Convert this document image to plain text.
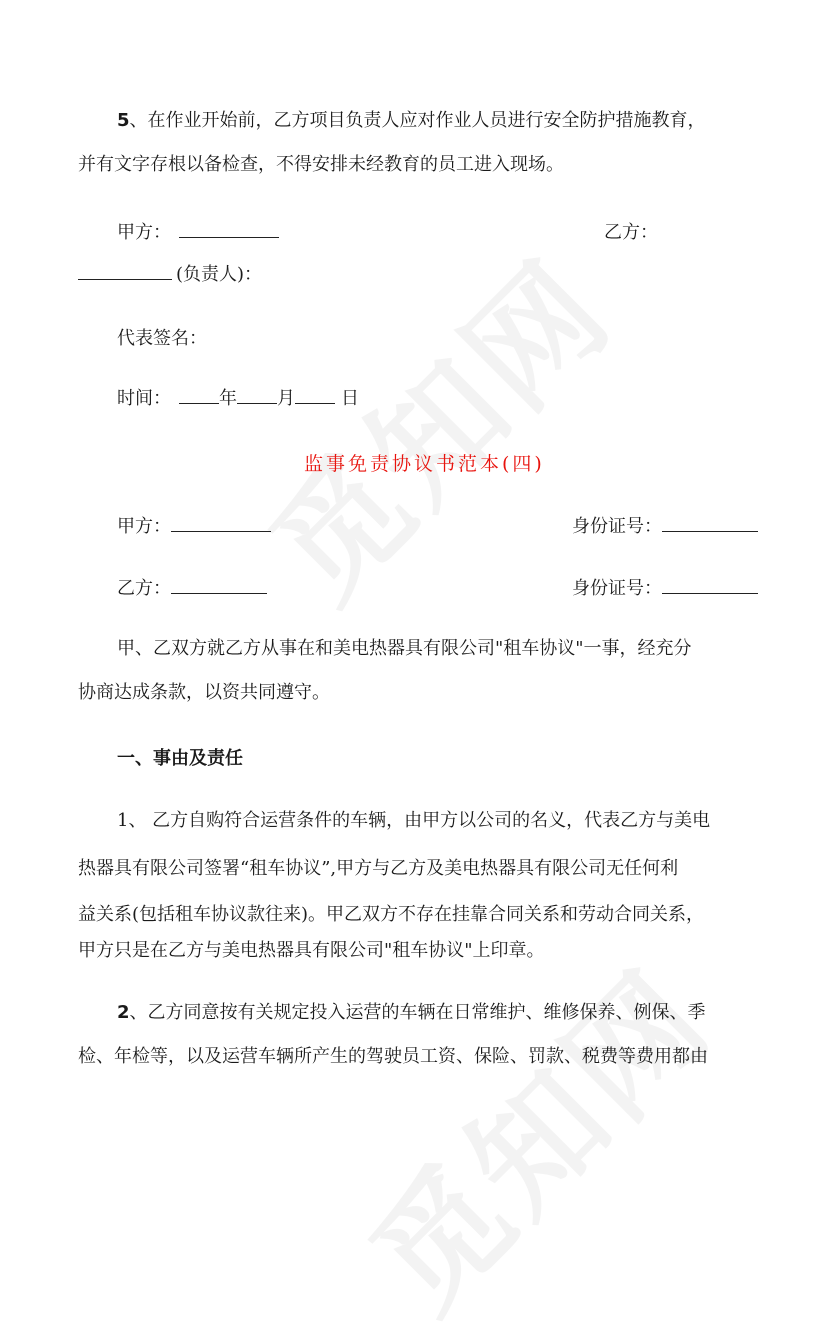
5、在作业开始前，乙方项目负责人应对作业人员进行安全防护措施教育，
并有文字存根以备检查，不得安排未经教育的员工进入现场。
甲方：	乙方：
(负责人)：
代表签名：
时间：	年 月	日
监事免责协议书范本(四)
甲方：	身份证号：
乙方：	身份证号：
甲、乙双方就乙方从事在和美电热器具有限公司"租车协议"一事，经充分
协商达成条款，以资共同遵守。
一、事由及责任
1、 乙方自购符合运营条件的车辆，由甲方以公司的名义，代表乙方与美电
热器具有限公司签署“租车协议”,甲方与乙方及美电热器具有限公司无任何利
益关系(包括租车协议款往来)。甲乙双方不存在挂靠合同关系和劳动合同关系，
甲方只是在乙方与美电热器具有限公司"租车协议"上印章。
2、乙方同意按有关规定投入运营的车辆在日常维护、维修保养、例保、季
检、年检等，以及运营车辆所产生的驾驶员工资、保险、罚款、税费等费用都由
